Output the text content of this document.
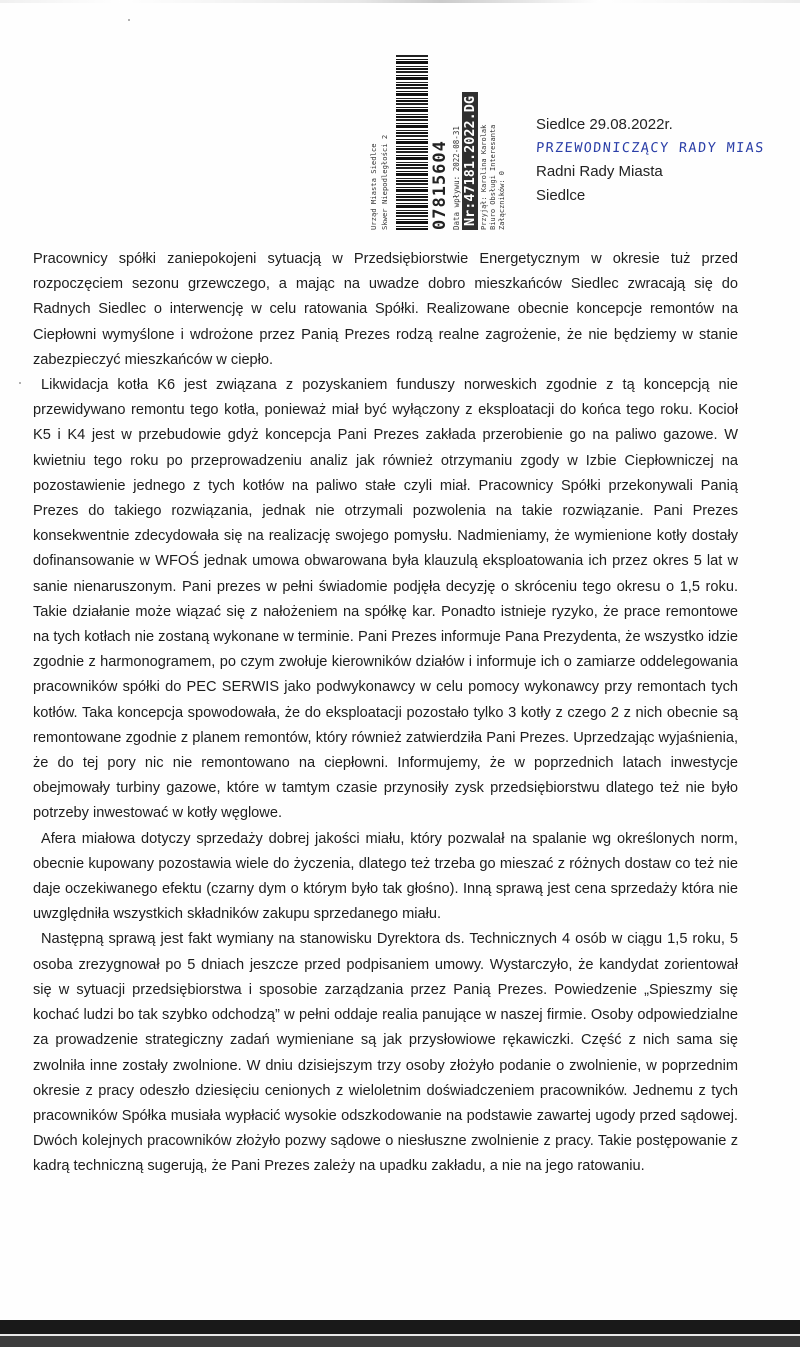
Urząd Miasta Siedlce Skwer Niepodległości 2 07815604 Data wpływu: 2022-08-31 Nr:47181.2022.DG Przyjął: Karolina Karolak Biuro Obsługi Interesanta Załączników: 0
Siedlce 29.08.2022r.
PRZEWODNICZĄCY RADY MIAS
Radni Rady Miasta
Siedlce

Pracownicy spółki zaniepokojeni sytuacją w Przedsiębiorstwie Energetycznym w okresie tuż przed rozpoczęciem sezonu grzewczego, a mając na uwadze dobro mieszkańców Siedlec zwracają się do Radnych Siedlec o interwencję w celu ratowania Spółki. Realizowane obecnie koncepcje remontów na Ciepłowni wymyślone i wdrożone przez Panią Prezes rodzą realne zagrożenie, że nie będziemy w stanie zabezpieczyć mieszkańców w ciepło.

Likwidacja kotła K6 jest związana z pozyskaniem funduszy norweskich zgodnie z tą koncepcją nie przewidywano remontu tego kotła, ponieważ miał być wyłączony z eksploatacji do końca tego roku. Kocioł K5 i K4 jest w przebudowie gdyż koncepcja Pani Prezes zakłada przerobienie go na paliwo gazowe. W kwietniu tego roku po przeprowadzeniu analiz jak również otrzymaniu zgody w Izbie Ciepłowniczej na pozostawienie jednego z tych kotłów na paliwo stałe czyli miał. Pracownicy Spółki przekonywali Panią Prezes do takiego rozwiązania, jednak nie otrzymali pozwolenia na takie rozwiązanie. Pani Prezes konsekwentnie zdecydowała się na realizację swojego pomysłu. Nadmieniamy, że wymienione kotły dostały dofinansowanie w WFOŚ jednak umowa obwarowana była klauzulą eksploatowania ich przez okres 5 lat w sanie nienaruszonym. Pani prezes w pełni świadomie podjęła decyzję o skróceniu tego okresu o 1,5 roku. Takie działanie może wiązać się z nałożeniem na spółkę kar. Ponadto istnieje ryzyko, że prace remontowe na tych kotłach nie zostaną wykonane w terminie. Pani Prezes informuje Pana Prezydenta, że wszystko idzie zgodnie z harmonogramem, po czym zwołuje kierowników działów i informuje ich o zamiarze oddelegowania pracowników spółki do PEC SERWIS jako podwykonawcy w celu pomocy wykonawcy przy remontach tych kotłów. Taka koncepcja spowodowała, że do eksploatacji pozostało tylko 3 kotły z czego 2 z nich obecnie są remontowane zgodnie z planem remontów, który również zatwierdziła Pani Prezes. Uprzedzając wyjaśnienia, że do tej pory nic nie remontowano na ciepłowni. Informujemy, że w poprzednich latach inwestycje obejmowały turbiny gazowe, które w tamtym czasie przynosiły zysk przedsiębiorstwu dlatego też nie było potrzeby inwestować w kotły węglowe.

Afera miałowa dotyczy sprzedaży dobrej jakości miału, który pozwalał na spalanie wg określonych norm, obecnie kupowany pozostawia wiele do życzenia, dlatego też trzeba go mieszać z różnych dostaw co też nie daje oczekiwanego efektu (czarny dym o którym było tak głośno). Inną sprawą jest cena sprzedaży która nie uwzględniła wszystkich składników zakupu sprzedanego miału.

Następną sprawą jest fakt wymiany na stanowisku Dyrektora ds. Technicznych 4 osób w ciągu 1,5 roku, 5 osoba zrezygnował po 5 dniach jeszcze przed podpisaniem umowy. Wystarczyło, że kandydat zorientował się w sytuacji przedsiębiorstwa i sposobie zarządzania przez Panią Prezes. Powiedzenie „Spieszmy się kochać ludzi bo tak szybko odchodzą” w pełni oddaje realia panujące w naszej firmie. Osoby odpowiedzialne za prowadzenie strategiczny zadań wymieniane są jak przysłowiowe rękawiczki. Część z nich sama się zwolniła inne zostały zwolnione. W dniu dzisiejszym trzy osoby złożyło podanie o zwolnienie, w poprzednim okresie z pracy odeszło dziesięciu cenionych z wieloletnim doświadczeniem pracowników. Jednemu z tych pracowników Spółka musiała wypłacić wysokie odszkodowanie na podstawie zawartej ugody przed sądowej. Dwóch kolejnych pracowników złożyło pozwy sądowe o niesłuszne zwolnienie z pracy. Takie postępowanie z kadrą techniczną sugerują, że Pani Prezes zależy na upadku zakładu, a nie na jego ratowaniu.
